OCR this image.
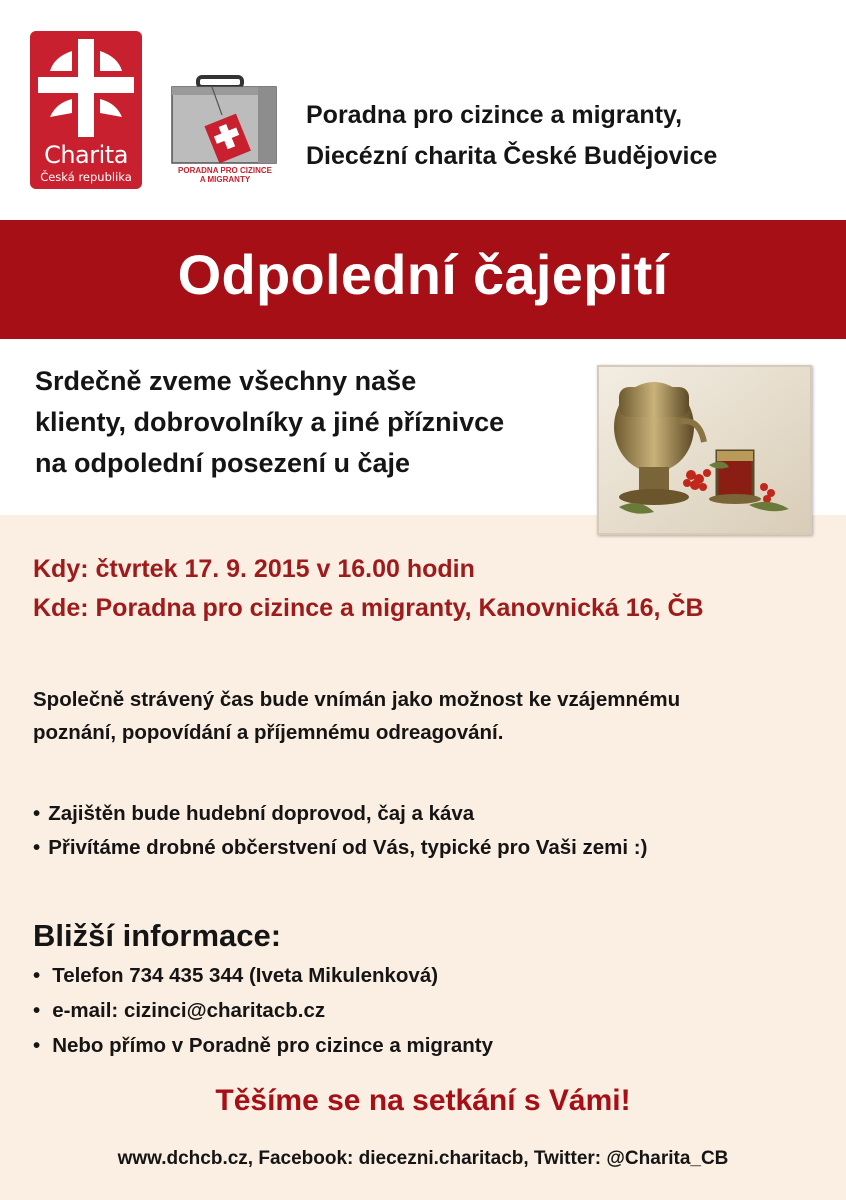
Charita
Česká republika	PORADNA PRO CIZINCE
A MIGRANTY
Poradna pro cizince a migranty,
Diecézní charita České Budějovice
Odpolední čajepití
Srdečně zveme všechny naše
klienty, dobrovolníky a jiné příznivce
na odpolední posezení u čaje
Kdy: čtvrtek 17. 9. 2015 v 16.00 hodin
Kde: Poradna pro cizince a migranty, Kanovnická 16, ČB
Společně strávený čas bude vnímán jako možnost ke vzájemnému
poznání, popovídání a příjemnému odreagování.
• Zajištěn bude hudební doprovod, čaj a káva
• Přivítáme drobné občerstvení od Vás, typické pro Vaši zemi :)
Bližší informace:
• Telefon 734 435 344 (Iveta Mikulenková)
• e-mail: cizinci@charitacb.cz
• Nebo přímo v Poradně pro cizince a migranty
Těšíme se na setkání s Vámi!
www.dchcb.cz, Facebook: diecezni.charitacb, Twitter: @Charita_CB
